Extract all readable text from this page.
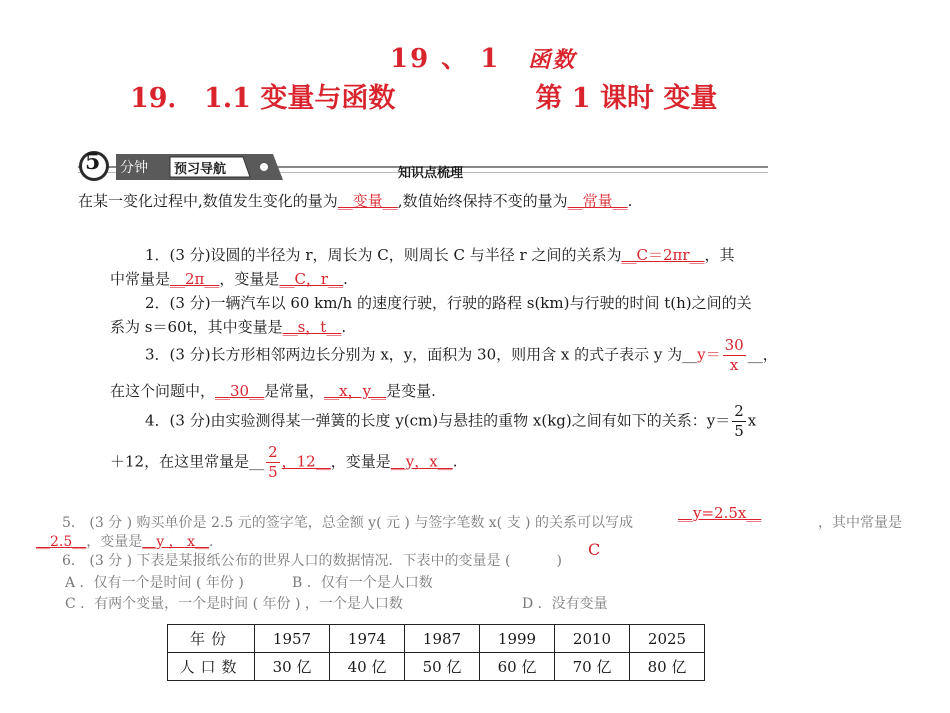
19 、 1 函数
19． 1.1 变量与函数	第 1 课时 变量
5 分钟 预习导航	知识点梳理
在某一变化过程中,数值发生变化的量为__变量__,数值始终保持不变的量为__常量__.
1．(3 分)设圆的半径为 r，周长为 C，则周长 C 与半径 r 之间的关系为__C＝2πr__，其
中常量是__2π__，变量是__C，r__.
2．(3 分)一辆汽车以 60 km/h 的速度行驶，行驶的路程 s(km)与行驶的时间 t(h)之间的关
系为 s＝60t，其中变量是__s，t__.
3．(3 分)长方形相邻两边长分别为 x，y，面积为 30，则用含 x 的式子表示 y 为__y＝ $\frac{30}{x}$ __，
在这个问题中，__30__是常量，__x，y__是变量.
4．(3 分)由实验测得某一弹簧的长度 y(cm)与悬挂的重物 x(kg)之间有如下的关系：$y= \frac{2}{5}$ x
＋12，在这里常量是__ $\frac{2}{5}$ ，12__，变量是__y，x__.
5． (3 分 ) 购买单价是 2.5 元的签字笔，总金额 y( 元 ) 与签字笔数 x( 支 ) 的关系可以写成
__y=2.5x__
，其中常量是
__2.5__，变量是__y ， x__.
6． (3 分 ) 下表是某报纸公布的世界人口的数据情况．下表中的变量是 (	)
C
A ．仅有一个是时间 ( 年份 )	B ．仅有一个是人口数
C ．有两个变量，一个是时间 ( 年份 ) ，一个是人口数	D ．没有变量
年份	1957	1974	1987	1999	2010	2025
人口数	30 亿	40 亿	50 亿	60 亿	70 亿	80 亿
